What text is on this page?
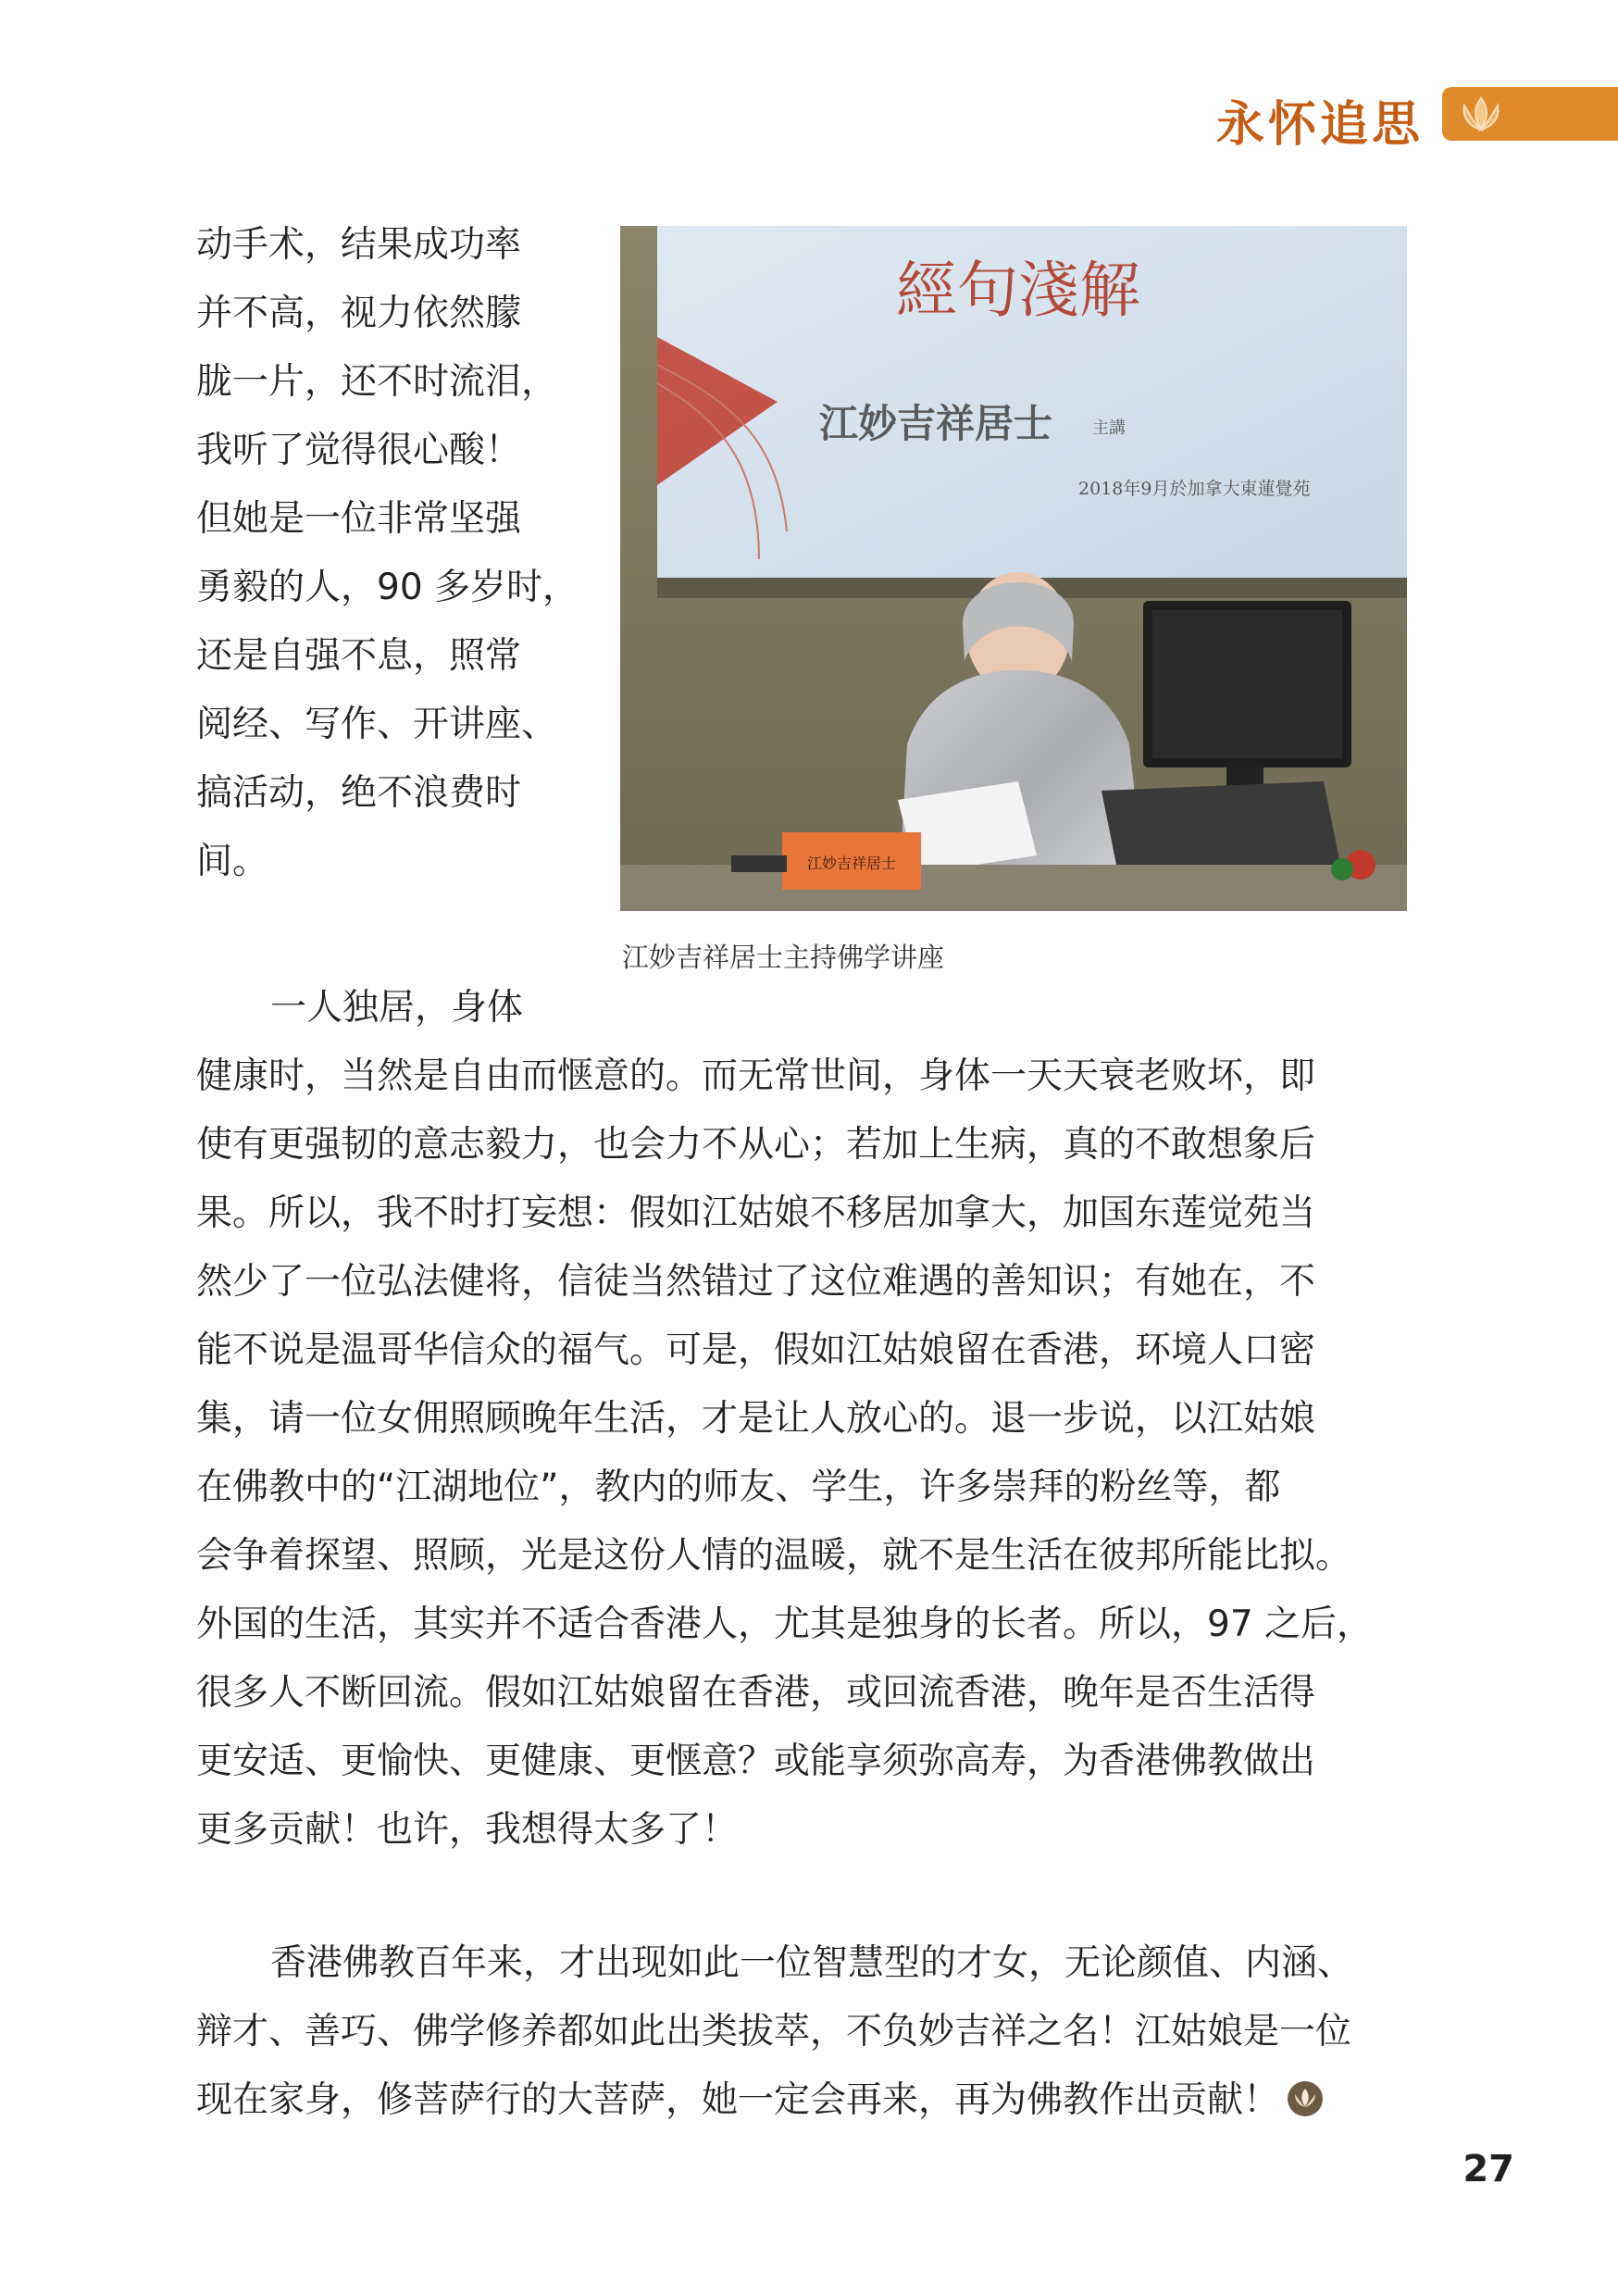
永怀追思

动手术，结果成功率
并不高，视力依然朦
胧一片，还不时流泪，
我听了觉得很心酸！
但她是一位非常坚强
勇毅的人，90 多岁时，
还是自强不息，照常
阅经、写作、开讲座、
搞活动，绝不浪费时
间。

經句淺解
江妙吉祥居士 主講
2018年9月於加拿大東蓮覺苑
江妙吉祥居士
江妙吉祥居士主持佛学讲座
一人独居，身体
健康时，当然是自由而惬意的。而无常世间，身体一天天衰老败坏，即
使有更强韧的意志毅力，也会力不从心；若加上生病，真的不敢想象后
果。所以，我不时打妄想：假如江姑娘不移居加拿大，加国东莲觉苑当
然少了一位弘法健将，信徒当然错过了这位难遇的善知识；有她在，不
能不说是温哥华信众的福气。可是，假如江姑娘留在香港，环境人口密
集，请一位女佣照顾晚年生活，才是让人放心的。退一步说，以江姑娘
在佛教中的“江湖地位”，教内的师友、学生，许多崇拜的粉丝等，都
会争着探望、照顾，光是这份人情的温暖，就不是生活在彼邦所能比拟。
外国的生活，其实并不适合香港人，尤其是独身的长者。所以，97 之后，
很多人不断回流。假如江姑娘留在香港，或回流香港，晚年是否生活得
更安适、更愉快、更健康、更惬意？或能享须弥高寿，为香港佛教做出
更多贡献！也许，我想得太多了！
香港佛教百年来，才出现如此一位智慧型的才女，无论颜值、内涵、
辩才、善巧、佛学修养都如此出类拔萃，不负妙吉祥之名！江姑娘是一位
现在家身，修菩萨行的大菩萨，她一定会再来，再为佛教作出贡献！
27
